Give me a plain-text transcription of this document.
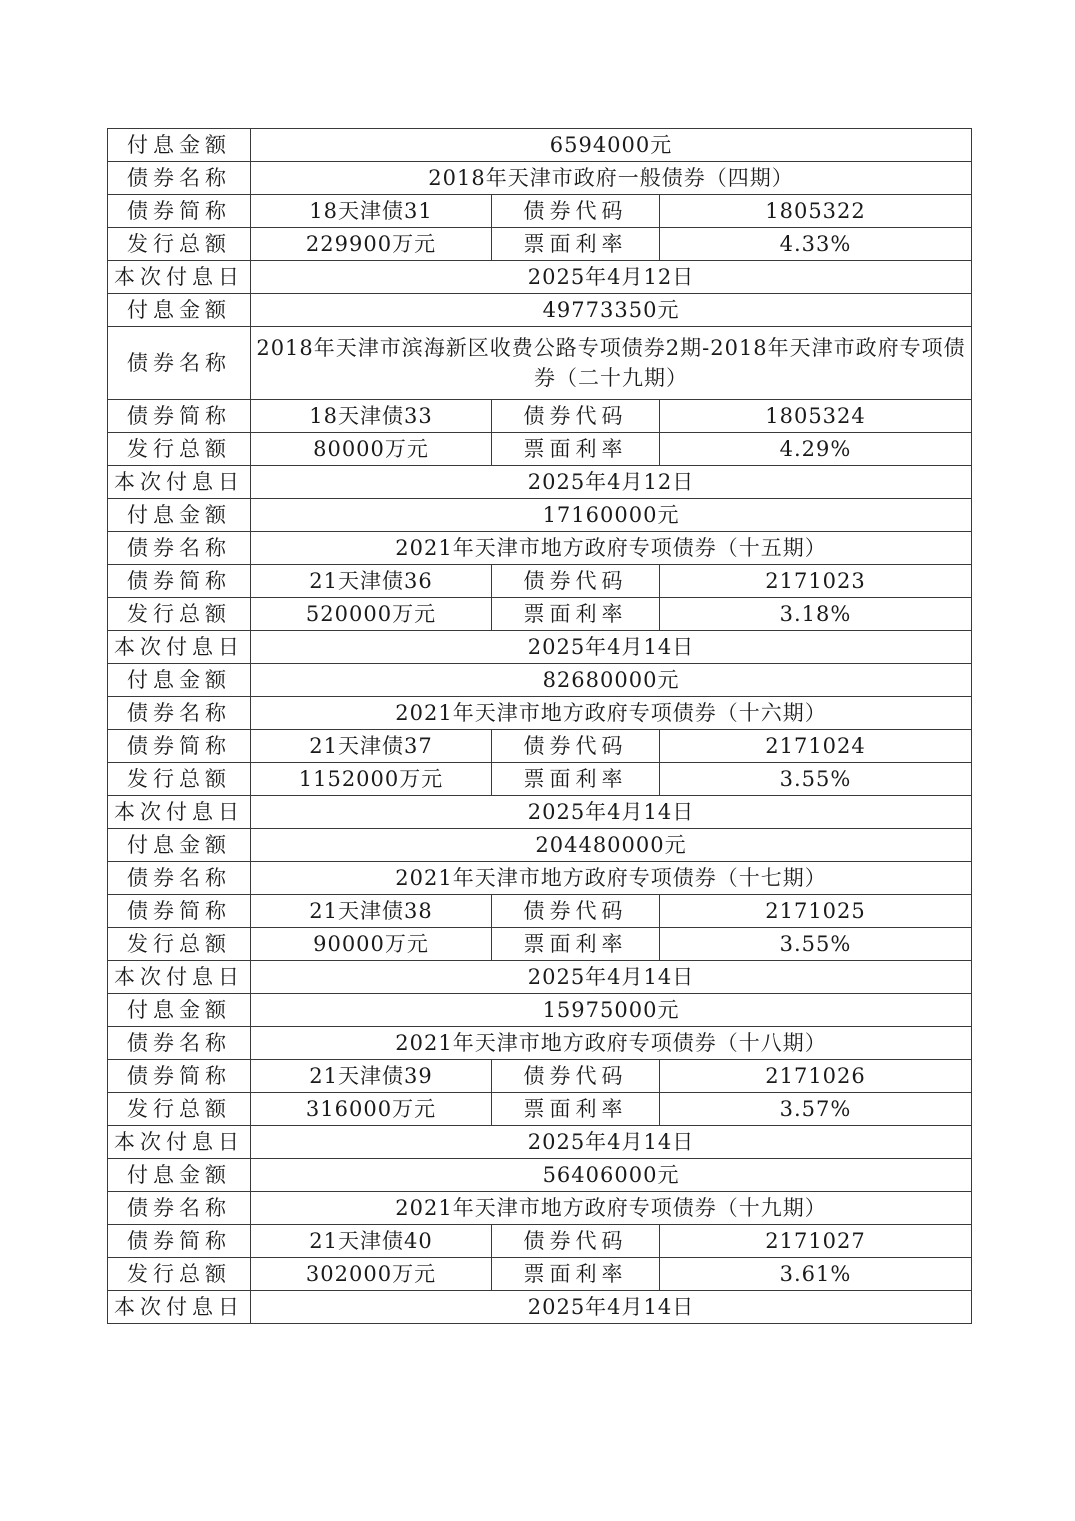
付息金额	6594000元		
债券名称	2018年天津市政府一般债券（四期）		
债券简称	18天津债31	债券代码	1805322
发行总额	229900万元	票面利率	4.33%
本次付息日	2025年4月12日		
付息金额	49773350元		
债券名称	2018年天津市滨海新区收费公路专项债券2期-2018年天津市政府专项债券（二十九期）		
债券简称	18天津债33	债券代码	1805324
发行总额	80000万元	票面利率	4.29%
本次付息日	2025年4月12日		
付息金额	17160000元		
债券名称	2021年天津市地方政府专项债券（十五期）		
债券简称	21天津债36	债券代码	2171023
发行总额	520000万元	票面利率	3.18%
本次付息日	2025年4月14日		
付息金额	82680000元		
债券名称	2021年天津市地方政府专项债券（十六期）		
债券简称	21天津债37	债券代码	2171024
发行总额	1152000万元	票面利率	3.55%
本次付息日	2025年4月14日		
付息金额	204480000元		
债券名称	2021年天津市地方政府专项债券（十七期）		
债券简称	21天津债38	债券代码	2171025
发行总额	90000万元	票面利率	3.55%
本次付息日	2025年4月14日		
付息金额	15975000元		
债券名称	2021年天津市地方政府专项债券（十八期）		
债券简称	21天津债39	债券代码	2171026
发行总额	316000万元	票面利率	3.57%
本次付息日	2025年4月14日		
付息金额	56406000元		
债券名称	2021年天津市地方政府专项债券（十九期）		
债券简称	21天津债40	债券代码	2171027
发行总额	302000万元	票面利率	3.61%
本次付息日	2025年4月14日		
